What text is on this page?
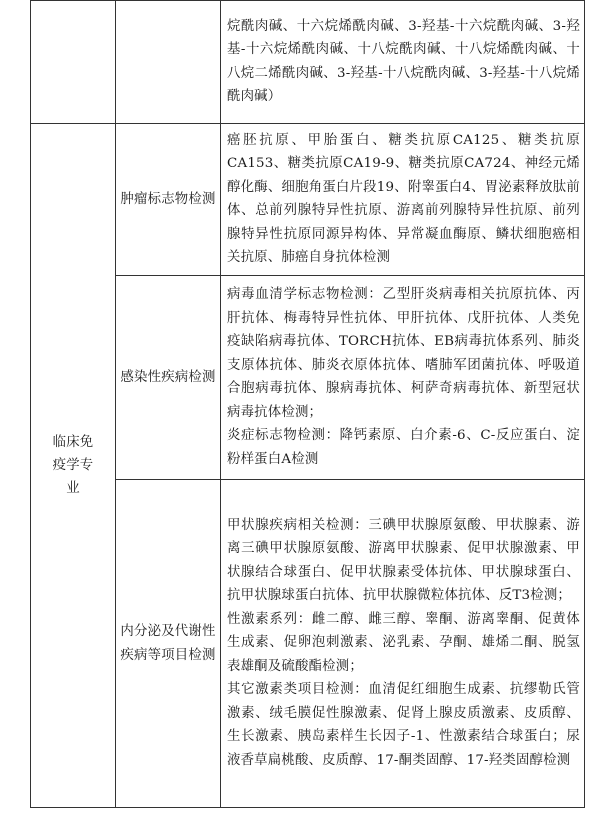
		烷酰肉碱、十六烷烯酰肉碱、3-羟基-十六烷酰肉碱、3-羟基-十六烷烯酰肉碱、十八烷酰肉碱、十八烷烯酰肉碱、十八烷二烯酰肉碱、3-羟基-十八烷酰肉碱、3-羟基-十八烷烯酰肉碱）

临床免疫学专业	肿瘤标志物检测	癌胚抗原、甲胎蛋白、糖类抗原CA125、糖类抗原CA153、糖类抗原CA19-9、糖类抗原CA724、神经元烯醇化酶、细胞角蛋白片段19、附睾蛋白4、胃泌素释放肽前体、总前列腺特异性抗原、游离前列腺特异性抗原、前列腺特异性抗原同源异构体、异常凝血酶原、鳞状细胞癌相关抗原、肺癌自身抗体检测

	感染性疾病检测	病毒血清学标志物检测：乙型肝炎病毒相关抗原抗体、丙肝抗体、梅毒特异性抗体、甲肝抗体、戊肝抗体、人类免疫缺陷病毒抗体、TORCH抗体、EB病毒抗体系列、肺炎支原体抗体、肺炎衣原体抗体、嗜肺军团菌抗体、呼吸道合胞病毒抗体、腺病毒抗体、柯萨奇病毒抗体、新型冠状病毒抗体检测；

炎症标志物检测：降钙素原、白介素-6、C-反应蛋白、淀粉样蛋白A检测

	内分泌及代谢性疾病等项目检测	甲状腺疾病相关检测：三碘甲状腺原氨酸、甲状腺素、游离三碘甲状腺原氨酸、游离甲状腺素、促甲状腺激素、甲状腺结合球蛋白、促甲状腺素受体抗体、甲状腺球蛋白、抗甲状腺球蛋白抗体、抗甲状腺微粒体抗体、反T3检测；

性激素系列：雌二醇、雌三醇、睾酮、游离睾酮、促黄体生成素、促卵泡刺激素、泌乳素、孕酮、雄烯二酮、脱氢表雄酮及硫酸酯检测；

其它激素类项目检测：血清促红细胞生成素、抗缪勒氏管激素、绒毛膜促性腺激素、促肾上腺皮质激素、皮质醇、生长激素、胰岛素样生长因子-1、性激素结合球蛋白；尿液香草扁桃酸、皮质醇、17-酮类固醇、17-羟类固醇检测
